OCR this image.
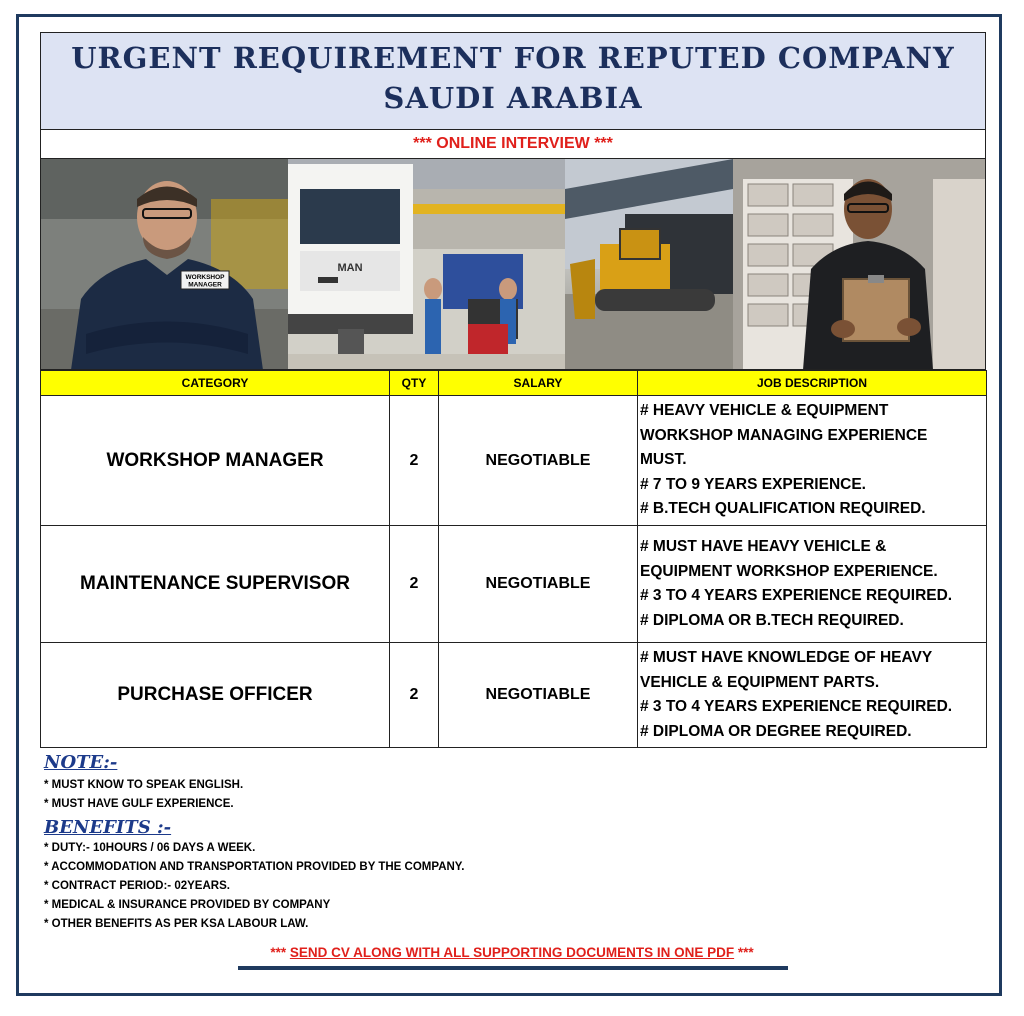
URGENT REQUIREMENT FOR REPUTED COMPANY
SAUDI ARABIA
*** ONLINE INTERVIEW ***
WORKSHOP
MANAGER
MAN
CATEGORY	QTY	SALARY	JOB DESCRIPTION
WORKSHOP MANAGER	2	NEGOTIABLE	# HEAVY VEHICLE & EQUIPMENT
WORKSHOP MANAGING EXPERIENCE
MUST.
# 7 TO 9 YEARS EXPERIENCE.
# B.TECH QUALIFICATION REQUIRED.

MAINTENANCE SUPERVISOR	2	NEGOTIABLE	# MUST HAVE HEAVY VEHICLE &
EQUIPMENT WORKSHOP EXPERIENCE.
# 3 TO 4 YEARS EXPERIENCE REQUIRED.
# DIPLOMA OR B.TECH REQUIRED.

PURCHASE OFFICER	2	NEGOTIABLE	# MUST HAVE KNOWLEDGE OF HEAVY
VEHICLE & EQUIPMENT PARTS.
# 3 TO 4 YEARS EXPERIENCE REQUIRED.
# DIPLOMA OR DEGREE REQUIRED.
NOTE:-
* MUST KNOW TO SPEAK ENGLISH.
* MUST HAVE GULF EXPERIENCE.
BENEFITS :-
* DUTY:- 10HOURS / 06 DAYS A WEEK.
* ACCOMMODATION AND TRANSPORTATION PROVIDED BY THE COMPANY.
* CONTRACT PERIOD:- 02YEARS.
* MEDICAL & INSURANCE PROVIDED BY COMPANY
* OTHER BENEFITS AS PER KSA LABOUR LAW.
*** SEND CV ALONG WITH ALL SUPPORTING DOCUMENTS IN ONE PDF ***
